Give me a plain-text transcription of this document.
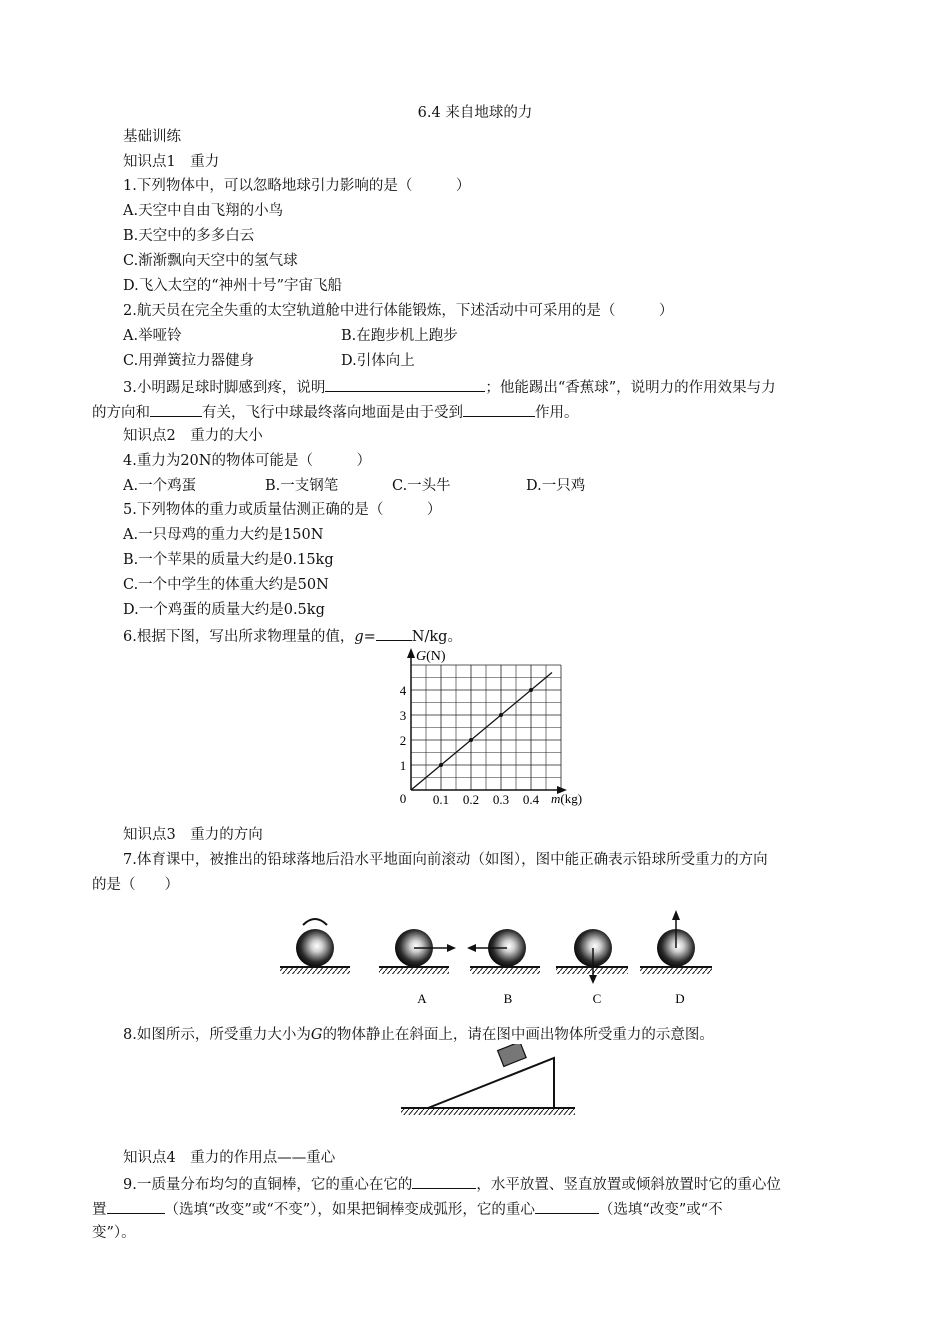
6.4 来自地球的力
基础训练
知识点1　重力
1.下列物体中，可以忽略地球引力影响的是（　　　）
A.天空中自由飞翔的小鸟
B.天空中的多多白云
C.渐渐飘向天空中的氢气球
D.飞入太空的“神州十号”宇宙飞船
2.航天员在完全失重的太空轨道舱中进行体能锻炼，下述活动中可采用的是（　　　）
A.举哑铃	B.在跑步机上跑步
C.用弹簧拉力器健身	D.引体向上
3.小明踢足球时脚感到疼，说明	；他能踢出“香蕉球”，说明力的作用效果与力
的方向和	有关，飞行中球最终落向地面是由于受到	作用。
知识点2　重力的大小
4.重力为20N的物体可能是（　　　）
A.一个鸡蛋	B.一支钢笔	C.一头牛	D.一只鸡
5.下列物体的重力或质量估测正确的是（　　　）
A.一只母鸡的重力大约是150N
B.一个苹果的质量大约是0.15kg
C.一个中学生的体重大约是50N
D.一个鸡蛋的质量大约是0.5kg
6.根据下图，写出所求物理量的值，g= N/kg。
0.1 0.2 0.3 0.4
1
2
3
4
0
G(N)
m(kg)
知识点3　重力的方向
7.体育课中，被推出的铅球落地后沿水平地面向前滚动（如图），图中能正确表示铅球所受重力的方向
的是（　　）
A	B	C	D
8.如图所示，所受重力大小为G的物体静止在斜面上，请在图中画出物体所受重力的示意图。
知识点4　重力的作用点——重心
9.一质量分布均匀的直铜棒，它的重心在它的	，水平放置、竖直放置或倾斜放置时它的重心位
置	（选填“改变”或“不变”），如果把铜棒变成弧形，它的重心	（选填“改变”或“不
变”）。
